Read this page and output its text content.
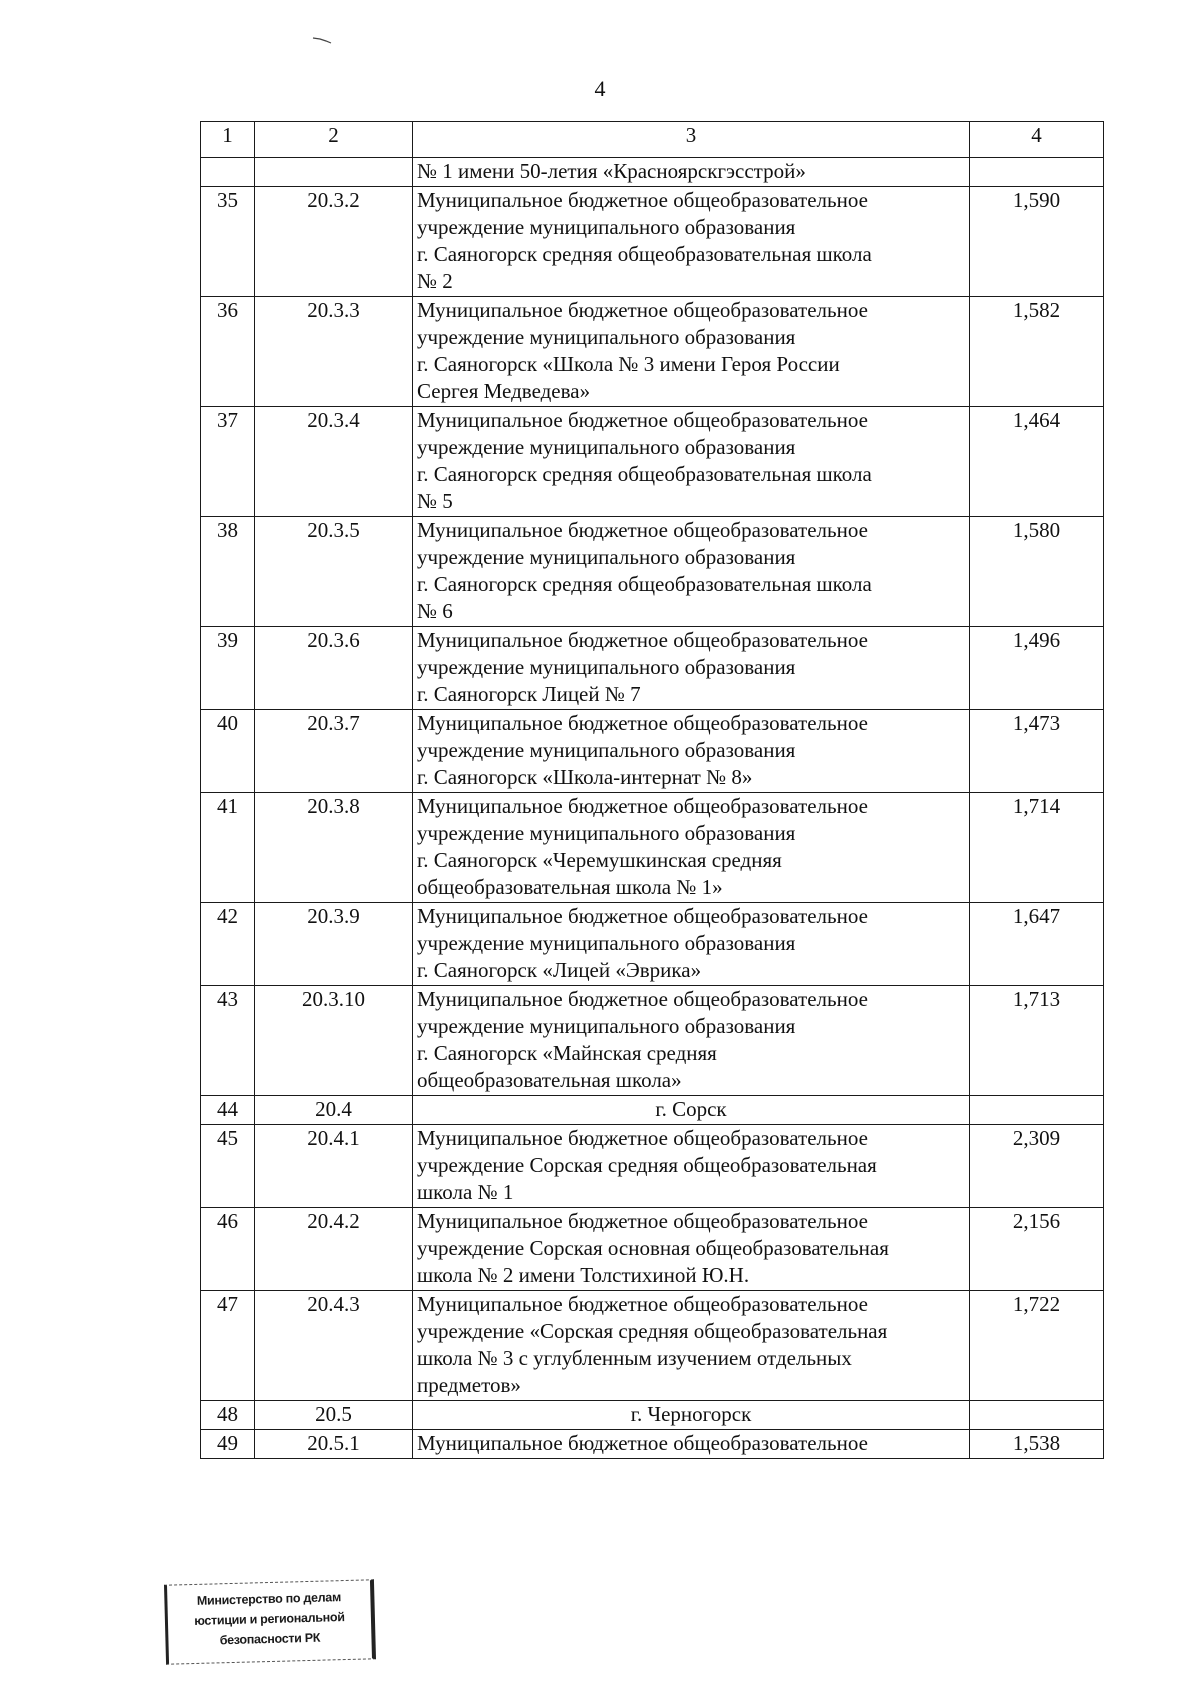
4
1	2	3	4
		№ 1 имени 50-летия «Красноярскгэсстрой»	
35	20.3.2	Муниципальное бюджетное общеобразовательное
учреждение муниципального образования
г. Саяногорск средняя общеобразовательная школа
№ 2	1,590
36	20.3.3	Муниципальное бюджетное общеобразовательное
учреждение муниципального образования
г. Саяногорск «Школа № 3 имени Героя России
Сергея Медведева»	1,582
37	20.3.4	Муниципальное бюджетное общеобразовательное
учреждение муниципального образования
г. Саяногорск средняя общеобразовательная школа
№ 5	1,464
38	20.3.5	Муниципальное бюджетное общеобразовательное
учреждение муниципального образования
г. Саяногорск средняя общеобразовательная школа
№ 6	1,580
39	20.3.6	Муниципальное бюджетное общеобразовательное
учреждение муниципального образования
г. Саяногорск Лицей № 7	1,496
40	20.3.7	Муниципальное бюджетное общеобразовательное
учреждение муниципального образования
г. Саяногорск «Школа-интернат № 8»	1,473
41	20.3.8	Муниципальное бюджетное общеобразовательное
учреждение муниципального образования
г. Саяногорск «Черемушкинская средняя
общеобразовательная школа № 1»	1,714
42	20.3.9	Муниципальное бюджетное общеобразовательное
учреждение муниципального образования
г. Саяногорск «Лицей «Эврика»	1,647
43	20.3.10	Муниципальное бюджетное общеобразовательное
учреждение муниципального образования
г. Саяногорск «Майнская средняя
общеобразовательная школа»	1,713
44	20.4	г. Сорск	
45	20.4.1	Муниципальное бюджетное общеобразовательное
учреждение Сорская средняя общеобразовательная
школа № 1	2,309
46	20.4.2	Муниципальное бюджетное общеобразовательное
учреждение Сорская основная общеобразовательная
школа № 2 имени Толстихиной Ю.Н.	2,156
47	20.4.3	Муниципальное бюджетное общеобразовательное
учреждение «Сорская средняя общеобразовательная
школа № 3 с углубленным изучением отдельных
предметов»	1,722
48	20.5	г. Черногорск	
49	20.5.1	Муниципальное бюджетное общеобразовательное	1,538
Министерство по делам
юстиции и региональной
безопасности РК
